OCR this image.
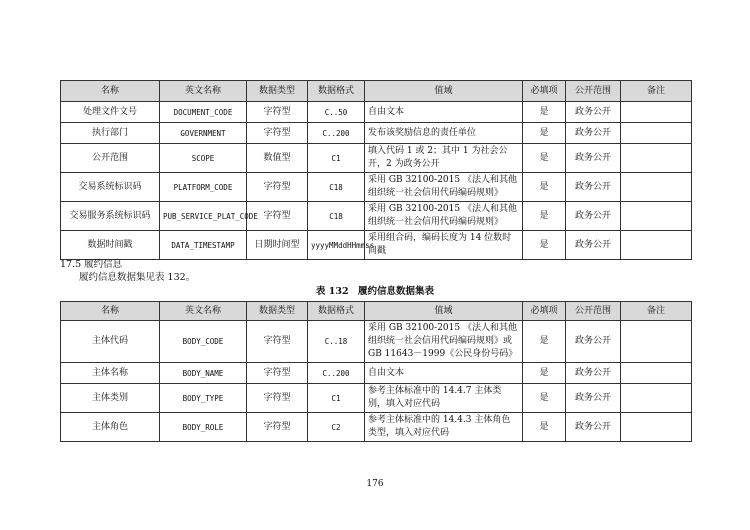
名称	英文名称	数据类型	数据格式	值域	必填项	公开范围	备注
处理文件文号	DOCUMENT_CODE	字符型	C..50	自由文本	是	政务公开	
执行部门	GOVERNMENT	字符型	C..200	发布该奖励信息的责任单位	是	政务公开	
公开范围	SCOPE	数值型	C1	填入代码 1 或 2；其中 1 为社会公开，2 为政务公开	是	政务公开	
交易系统标识码	PLATFORM_CODE	字符型	C18	采用 GB 32100-2015 《法人和其他组织统一社会信用代码编码规则》	是	政务公开	
交易服务系统标识码	PUB_SERVICE_PLAT_CODE	字符型	C18	采用 GB 32100-2015 《法人和其他组织统一社会信用代码编码规则》	是	政务公开	
数据时间戳	DATA_TIMESTAMP	日期时间型	yyyyMMddHHmmss	采用组合码，编码长度为 14 位数时间戳	是	政务公开	
17.5 履约信息
履约信息数据集见表 132。
表 132　履约信息数据集表
名称	英文名称	数据类型	数据格式	值域	必填项	公开范围	备注
主体代码	BODY_CODE	字符型	C..18	采用 GB 32100-2015 《法人和其他组织统一社会信用代码编码规则》或 GB 11643－1999《公民身份号码》	是	政务公开	
主体名称	BODY_NAME	字符型	C..200	自由文本	是	政务公开	
主体类别	BODY_TYPE	字符型	C1	参考主体标准中的 14.4.7 主体类别，填入对应代码	是	政务公开	
主体角色	BODY_ROLE	字符型	C2	参考主体标准中的 14.4.3 主体角色类型，填入对应代码	是	政务公开	
176
